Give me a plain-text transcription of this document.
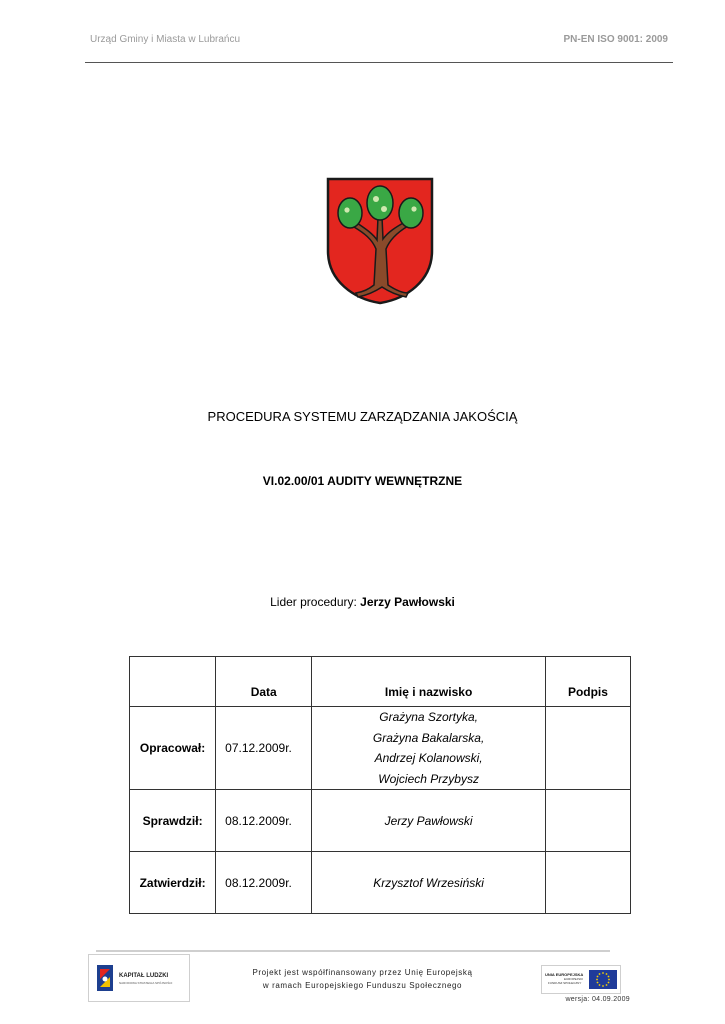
Urząd Gminy i Miasta w Lubrańcu	PN-EN ISO 9001: 2009
PROCEDURA SYSTEMU ZARZĄDZANIA JAKOŚCIĄ
VI.02.00/01 AUDITY WEWNĘTRZNE
Lider procedury: Jerzy Pawłowski
	Data	Imię i nazwisko	Podpis
Opracował:	07.12.2009r.	Grażyna Szortyka,
Grażyna Bakalarska,
Andrzej Kolanowski,
Wojciech Przybysz	

Sprawdził:	08.12.2009r.	Jerzy Pawłowski	
Zatwierdził:	08.12.2009r.	Krzysztof Wrzesiński	
KAPITAŁ LUDZKI
NARODOWA STRATEGIA SPÓJNOŚCI
Projekt jest współfinansowany przez Unię Europejską
w ramach Europejskiego Funduszu Społecznego
UNIA EUROPEJSKA
EUROPEJSKI
FUNDUSZ SPOŁECZNY
wersja: 04.09.2009
